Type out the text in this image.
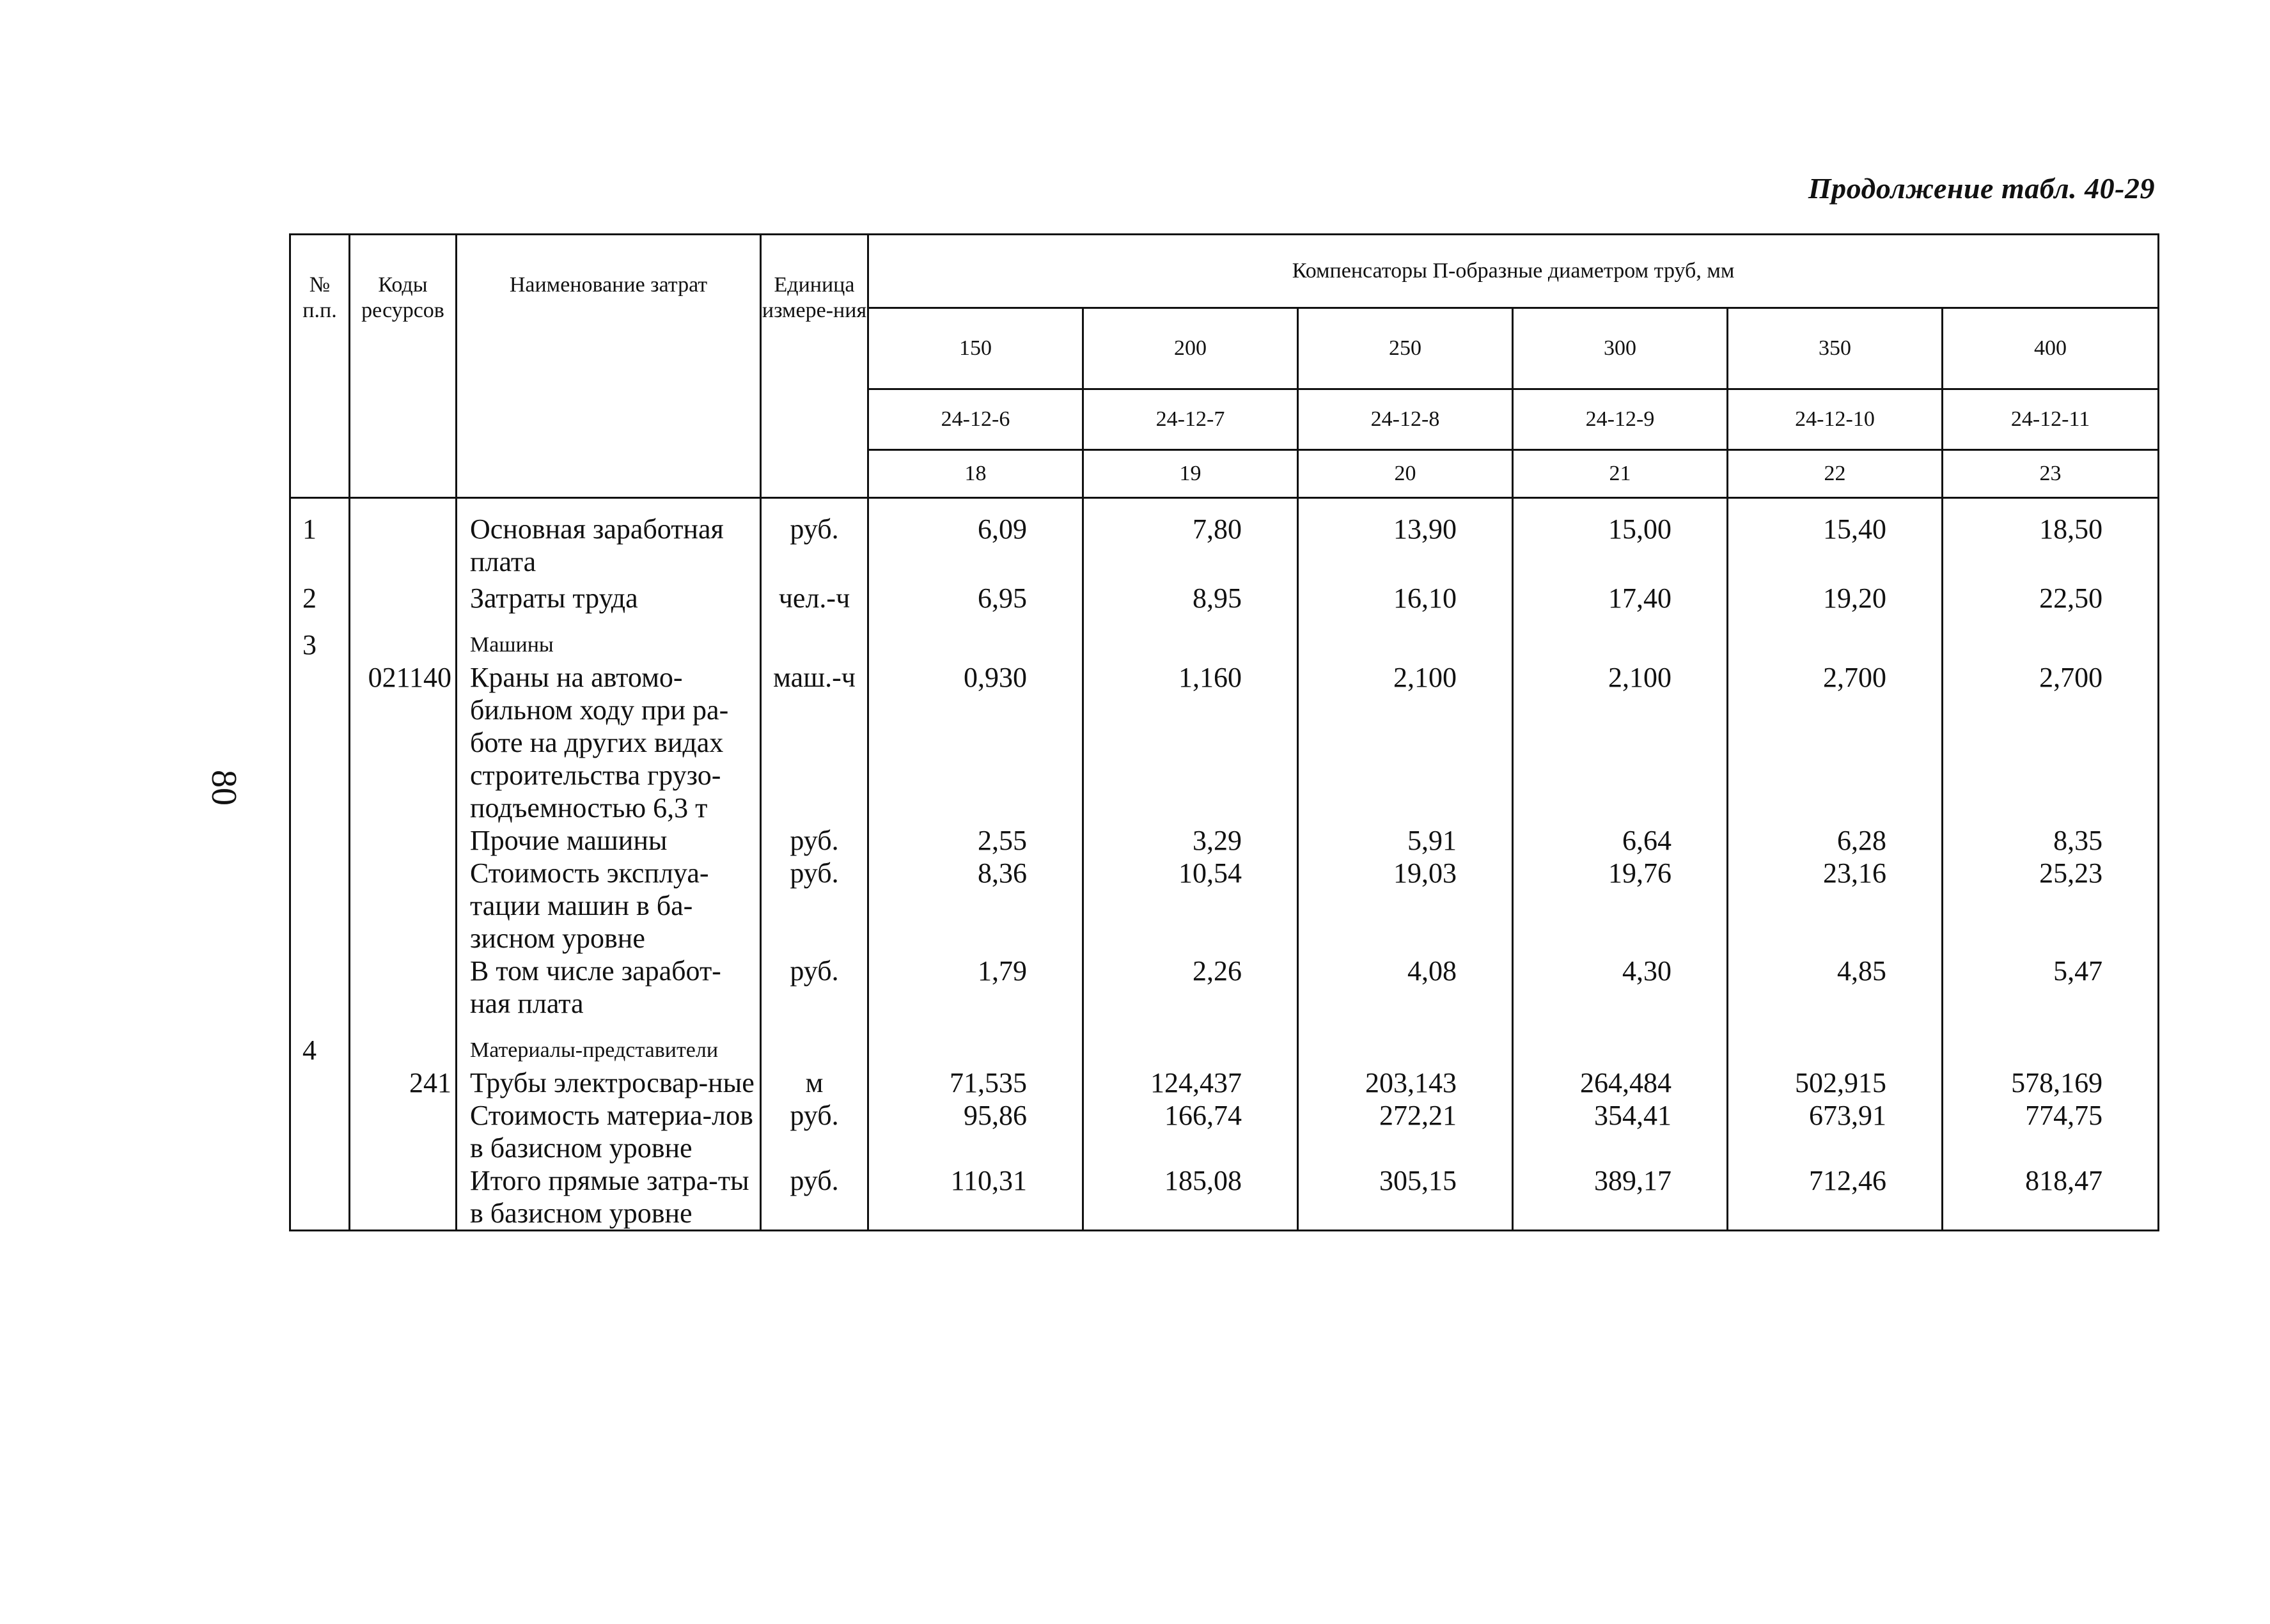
Продолжение табл. 40-29
80
№ п.п.	Коды ресурсов	Наименование затрат	Единица измере-ния	Компенсаторы П-образные диаметром труб, мм					
				150	200	250	300	350	400
				24-12-6	24-12-7	24-12-8	24-12-9	24-12-10	24-12-11
				18	19	20	21	22	23
1		Основная заработная плата	руб.	6,09	7,80	13,90	15,00	15,40	18,50
2		Затраты труда	чел.-ч	6,95	8,95	16,10	17,40	19,20	22,50
3		Машины							
	021140	Краны на автомо-бильном ходу при ра-боте на других видах строительства грузо-подъемностью 6,3 т	маш.-ч	0,930	1,160	2,100	2,100	2,700	2,700
		Прочие машины	руб.	2,55	3,29	5,91	6,64	6,28	8,35
		Стоимость эксплуа-тации машин в ба-зисном уровне	руб.	8,36	10,54	19,03	19,76	23,16	25,23
		В том числе заработ-ная плата	руб.	1,79	2,26	4,08	4,30	4,85	5,47
4		Материалы-представители							
	241	Трубы электросвар-ные	м	71,535	124,437	203,143	264,484	502,915	578,169
		Стоимость материа-лов в базисном уровне	руб.	95,86	166,74	272,21	354,41	673,91	774,75
		Итого прямые затра-ты в базисном уровне	руб.	110,31	185,08	305,15	389,17	712,46	818,47
